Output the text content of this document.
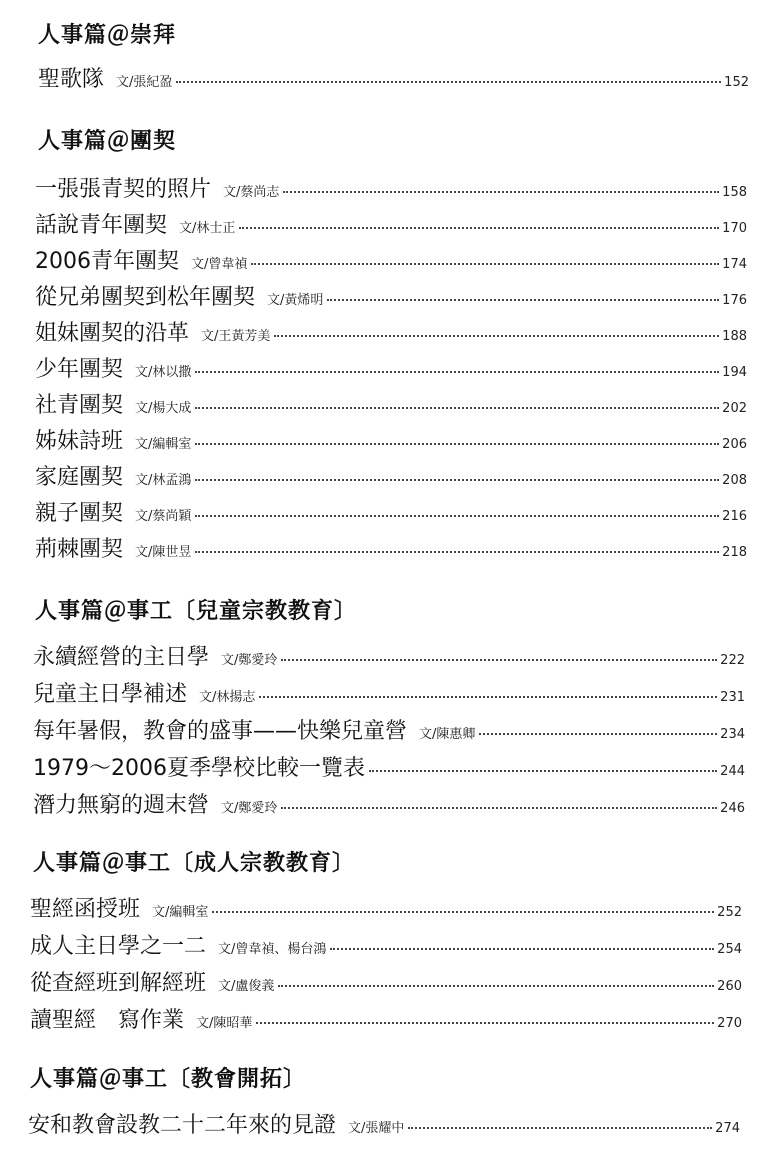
人事篇＠崇拜
聖歌隊 文/張紀盈	152
人事篇＠團契
一張張青契的照片 文/蔡尚志	158
話說青年團契 文/林士正	170
2006青年團契 文/曾韋禎	174
從兄弟團契到松年團契 文/黃烯明	176
姐妹團契的沿革 文/王黃芳美	188
少年團契 文/林以撒	194
社青團契 文/楊大成	202
姊妹詩班 文/編輯室	206
家庭團契 文/林孟鴻	208
親子團契 文/蔡尚穎	216
荊棘團契 文/陳世昱	218
人事篇＠事工〔兒童宗教教育〕
永續經營的主日學 文/鄭愛玲	222
兒童主日學補述 文/林揚志	231
每年暑假，教會的盛事——快樂兒童營 文/陳惠卿	234
1979～2006夏季學校比較一覽表	244
潛力無窮的週末營 文/鄭愛玲	246
人事篇＠事工〔成人宗教教育〕
聖經函授班 文/編輯室	252
成人主日學之一二 文/曾韋禎、楊台鴻	254
從查經班到解經班 文/盧俊義	260
讀聖經　寫作業 文/陳昭華	270
人事篇＠事工〔教會開拓〕
安和教會設教二十二年來的見證 文/張耀中	274
